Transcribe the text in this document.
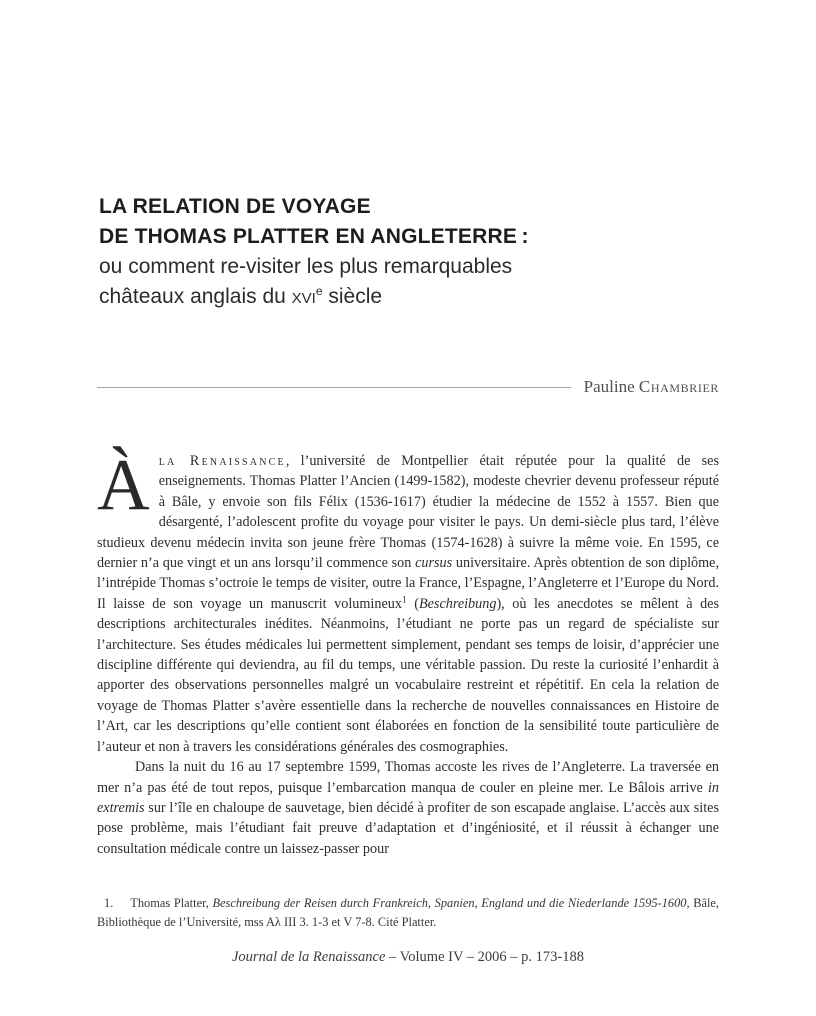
LA RELATION DE VOYAGE
DE THOMAS PLATTER EN ANGLETERRE :
ou comment re-visiter les plus remarquables
châteaux anglais du xvi$^e$ siècle
Pauline Chambrier

Àla Renaissance, l’université de Montpellier était réputée pour la qualité de ses enseignements. Thomas Platter l’Ancien (1499-1582), modeste chevrier devenu professeur réputé à Bâle, y envoie son fils Félix (1536-1617) étudier la médecine de 1552 à 1557. Bien que désargenté, l’adolescent profite du voyage pour visiter le pays. Un demi-siècle plus tard, l’élève studieux devenu médecin invita son jeune frère Thomas (1574-1628) à suivre la même voie. En 1595, ce dernier n’a que vingt et un ans lorsqu’il commence son cursus universitaire. Après obtention de son diplôme, l’intrépide Thomas s’octroie le temps de visiter, outre la France, l’Espagne, l’Angleterre et l’Europe du Nord. Il laisse de son voyage un manuscrit volumineux$^1$ (Beschreibung), où les anecdotes se mêlent à des descriptions architecturales inédites. Néanmoins, l’étudiant ne porte pas un regard de spécialiste sur l’architecture. Ses études médicales lui permettent simplement, pendant ses temps de loisir, d’apprécier une discipline différente qui deviendra, au fil du temps, une véritable passion. Du reste la curiosité l’enhardit à apporter des observations personnelles malgré un vocabulaire restreint et répétitif. En cela la relation de voyage de Thomas Platter s’avère essentielle dans la recherche de nouvelles connaissances en Histoire de l’Art, car les descriptions qu’elle contient sont élaborées en fonction de la sensibilité toute particulière de l’auteur et non à travers les considérations générales des cosmographies.

Dans la nuit du 16 au 17 septembre 1599, Thomas accoste les rives de l’Angleterre. La traversée en mer n’a pas été de tout repos, puisque l’embarcation manqua de couler en pleine mer. Le Bâlois arrive in extremis sur l’île en chaloupe de sauvetage, bien décidé à profiter de son escapade anglaise. L’accès aux sites pose problème, mais l’étudiant fait preuve d’adaptation et d’ingéniosité, et il réussit à échanger une consultation médicale contre un laissez-passer pour

1. Thomas Platter, Beschreibung der Reisen durch Frankreich, Spanien, England und die Niederlande 1595-1600, Bâle, Bibliothèque de l’Université, mss Aλ III 3. 1-3 et V 7-8. Cité Platter.

Journal de la Renaissance – Volume IV – 2006 – p. 173-188
